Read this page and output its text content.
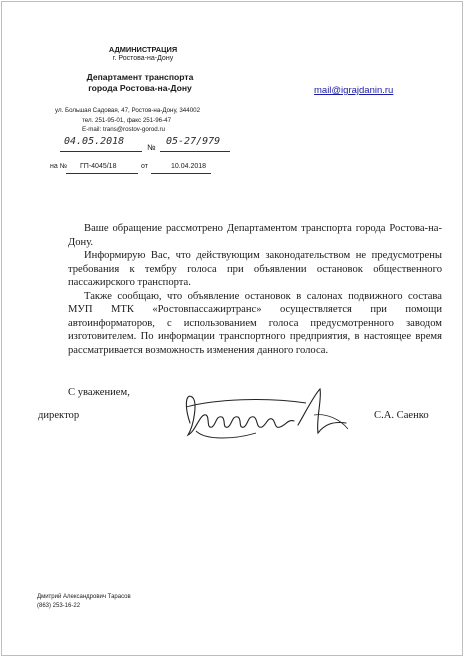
АДМИНИСТРАЦИЯ
г. Ростова-на-Дону
Департамент транспорта
города Ростова-на-Дону
ул. Большая Садовая, 47, Ростов-на-Дону, 344002
тел. 251-95-01, факс 251-96-47
E-mail: trans@rostov-gorod.ru
mail@igrajdanin.ru
04.05.2018
№
05-27/979
на № ГП-4045/18	от	10.04.2018

Ваше обращение рассмотрено Департаментом транспорта города Ростова-на-Дону.

Информирую Вас, что действующим законодательством не предусмотрены требования к тембру голоса при объявлении остановок общественного пассажирского транспорта.

Также сообщаю, что объявление остановок в салонах подвижного состава МУП МТК «Ростовпассажиртранс» осуществляется при помощи автоинформаторов, с использованием голоса предусмотренного заводом изготовителем. По информации транспортного предприятия, в настоящее время рассматривается возможность изменения данного голоса.

С уважением,
директор	С.А. Саенко
Дмитрий Александрович Тарасов
(863) 253-16-22
